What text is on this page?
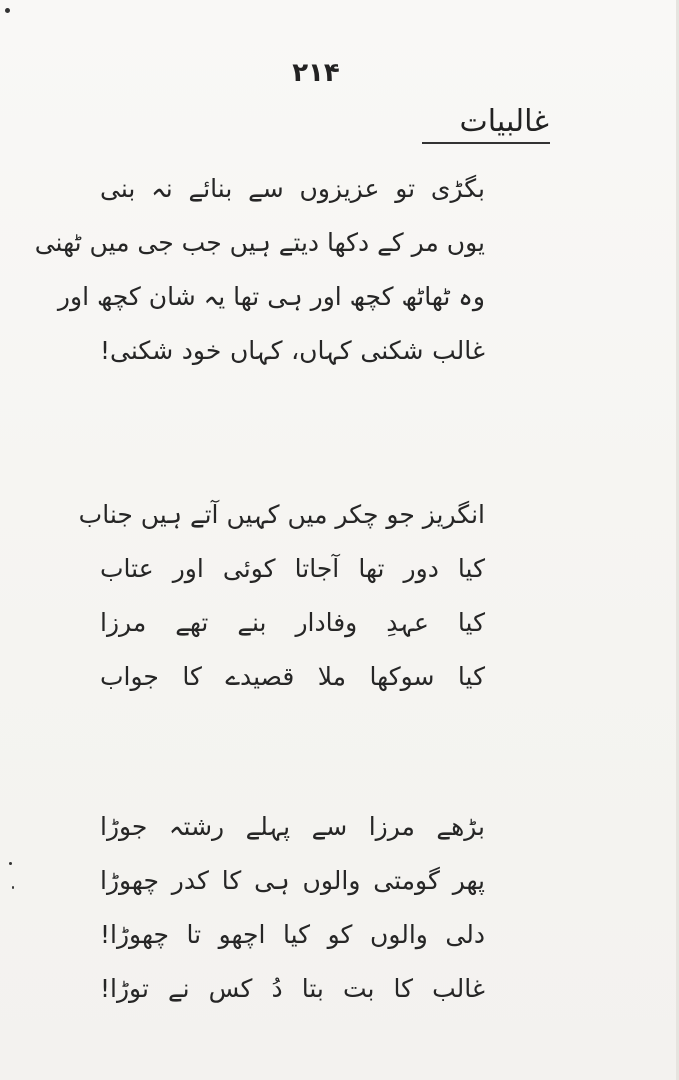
۲۱۴
غالبیات
بگڑی تو عزیزوں سے بنائے نہ بنی
یوں مر کے دکھا دیتے ہیں جب جی میں ٹھنی
وہ ٹھاٹھ کچھ اور ہی تھا یہ شان کچھ اور
غالب شکنی کہاں، کہاں خود شکنی!
انگریز جو چکر میں کہیں آتے ہیں جناب
کیا دور تھا آجاتا کوئی اور عتاب
کیا عہدِ وفادار بنے تھے مرزا
کیا سوکھا ملا قصیدے کا جواب
بڑھے مرزا سے پہلے رشتہ جوڑا
پھر گومتی والوں ہی کا کدر چھوڑا
دلی والوں کو کیا اچھو تا چھوڑا!
غالب کا بت بتا دُ کس نے توڑا!
